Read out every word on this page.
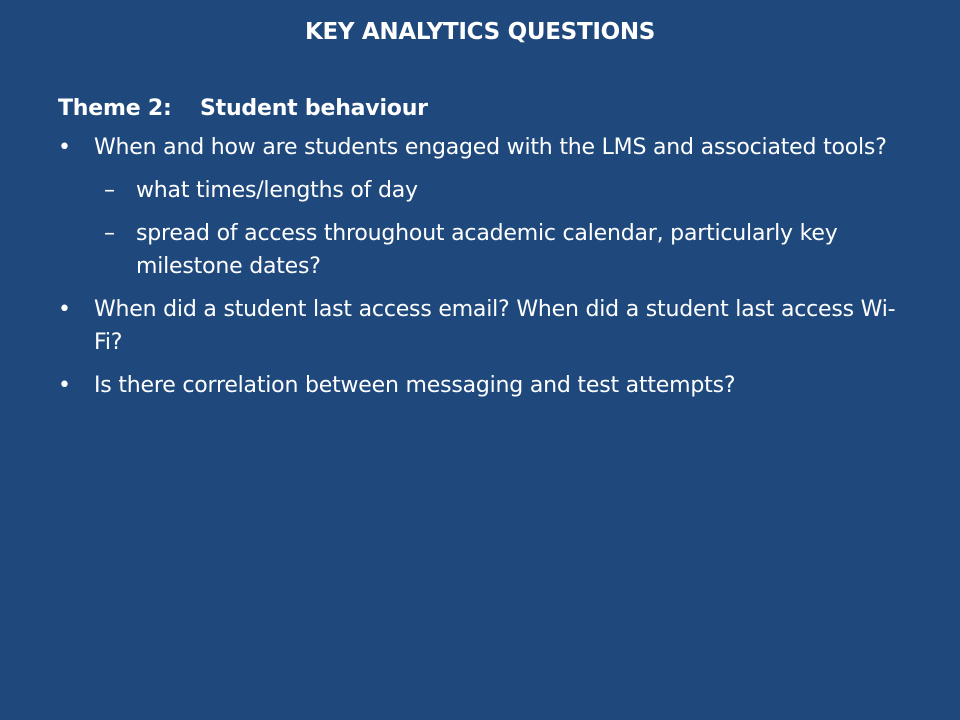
KEY ANALYTICS QUESTIONS
Theme 2: Student behaviour
•	When and how are students engaged with the LMS and associated tools?
– what times/lengths of day
– spread of access throughout academic calendar, particularly key milestone dates?
•	When did a student last access email? When did a student last access Wi-Fi?
•	Is there correlation between messaging and test attempts?
